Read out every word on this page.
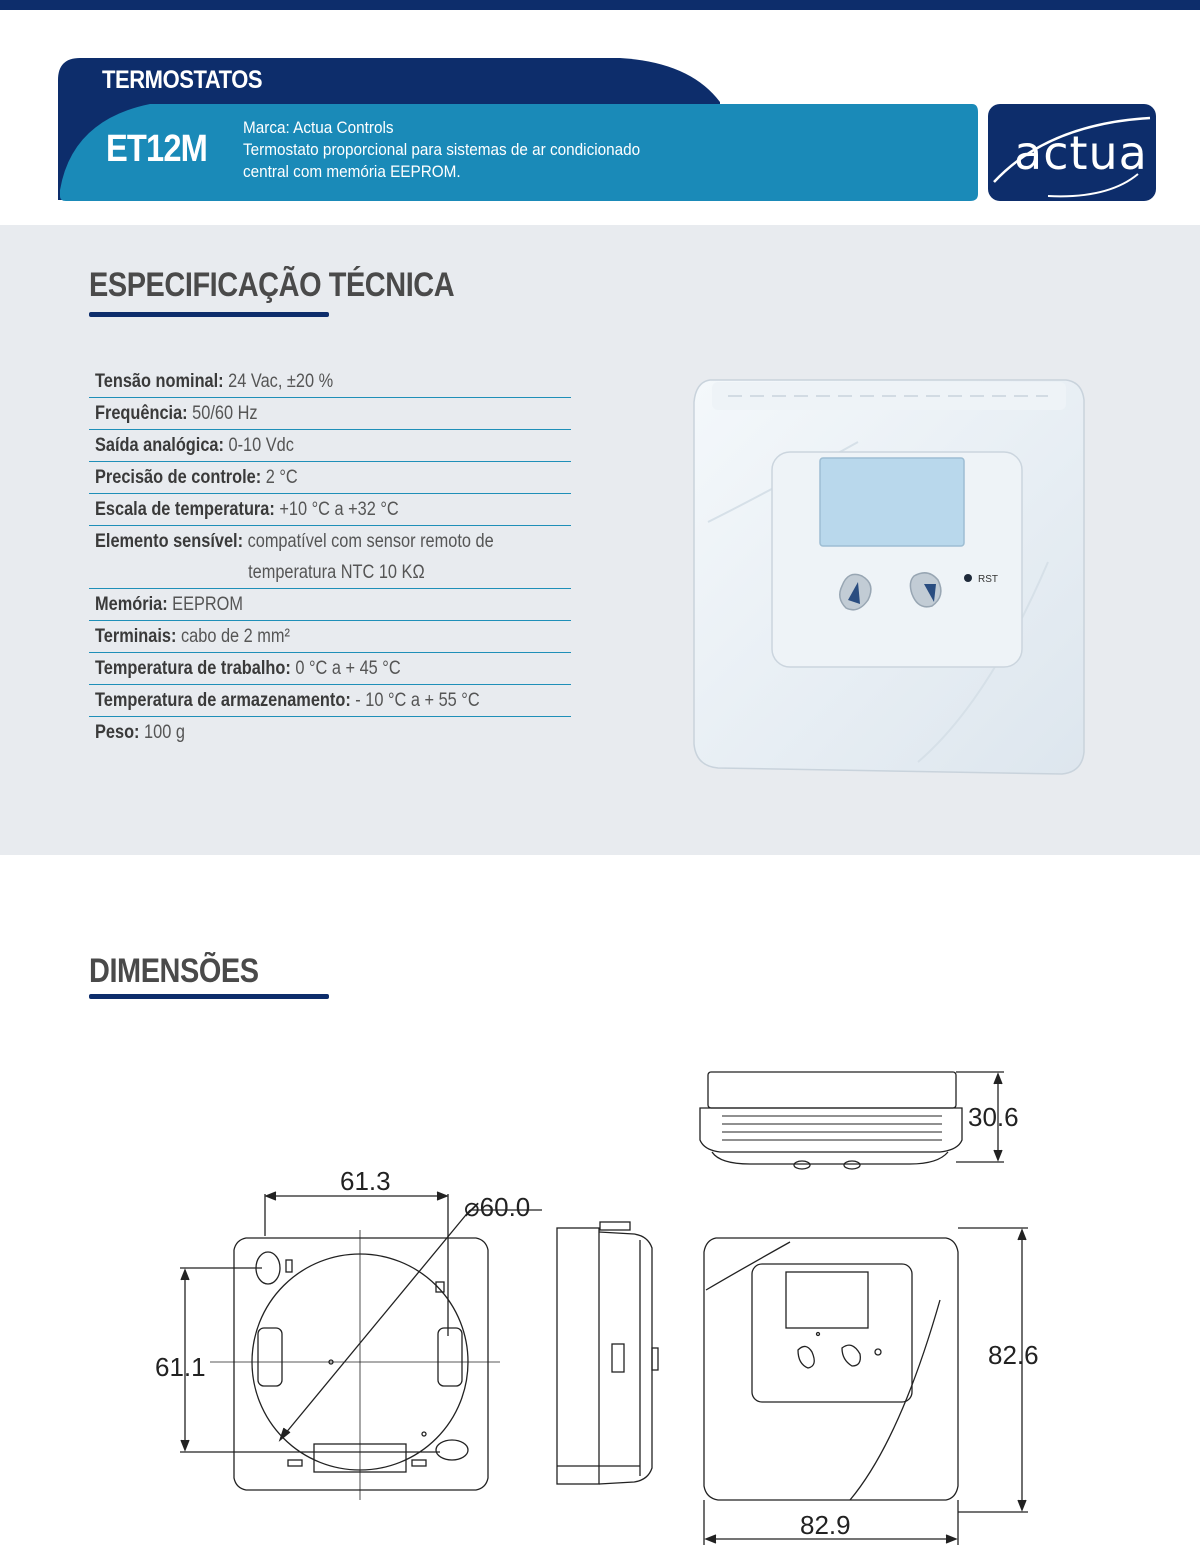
TERMOSTATOS
ET12M
Marca: Actua Controls
Termostato proporcional para sistemas de ar condicionado
central com memória EEPROM.	actua
ESPECIFICAÇÃO TÉCNICA
Tensão nominal: 24 Vac, ±20 %
Frequência: 50/60 Hz
Saída analógica: 0-10 Vdc
Precisão de controle: 2 °C
Escala de temperatura: +10 °C a +32 °C
Elemento sensível: compatível com sensor remoto de
temperatura NTC 10 KΩ
Memória: EEPROM
Terminais: cabo de 2 mm²
Temperatura de trabalho: 0 °C a + 45 °C
Temperatura de armazenamento: - 10 °C a + 55 °C
Peso: 100 g
RST
DIMENSÕES
61.3
⌀60.0
61.1
30.6
82.6
82.9
